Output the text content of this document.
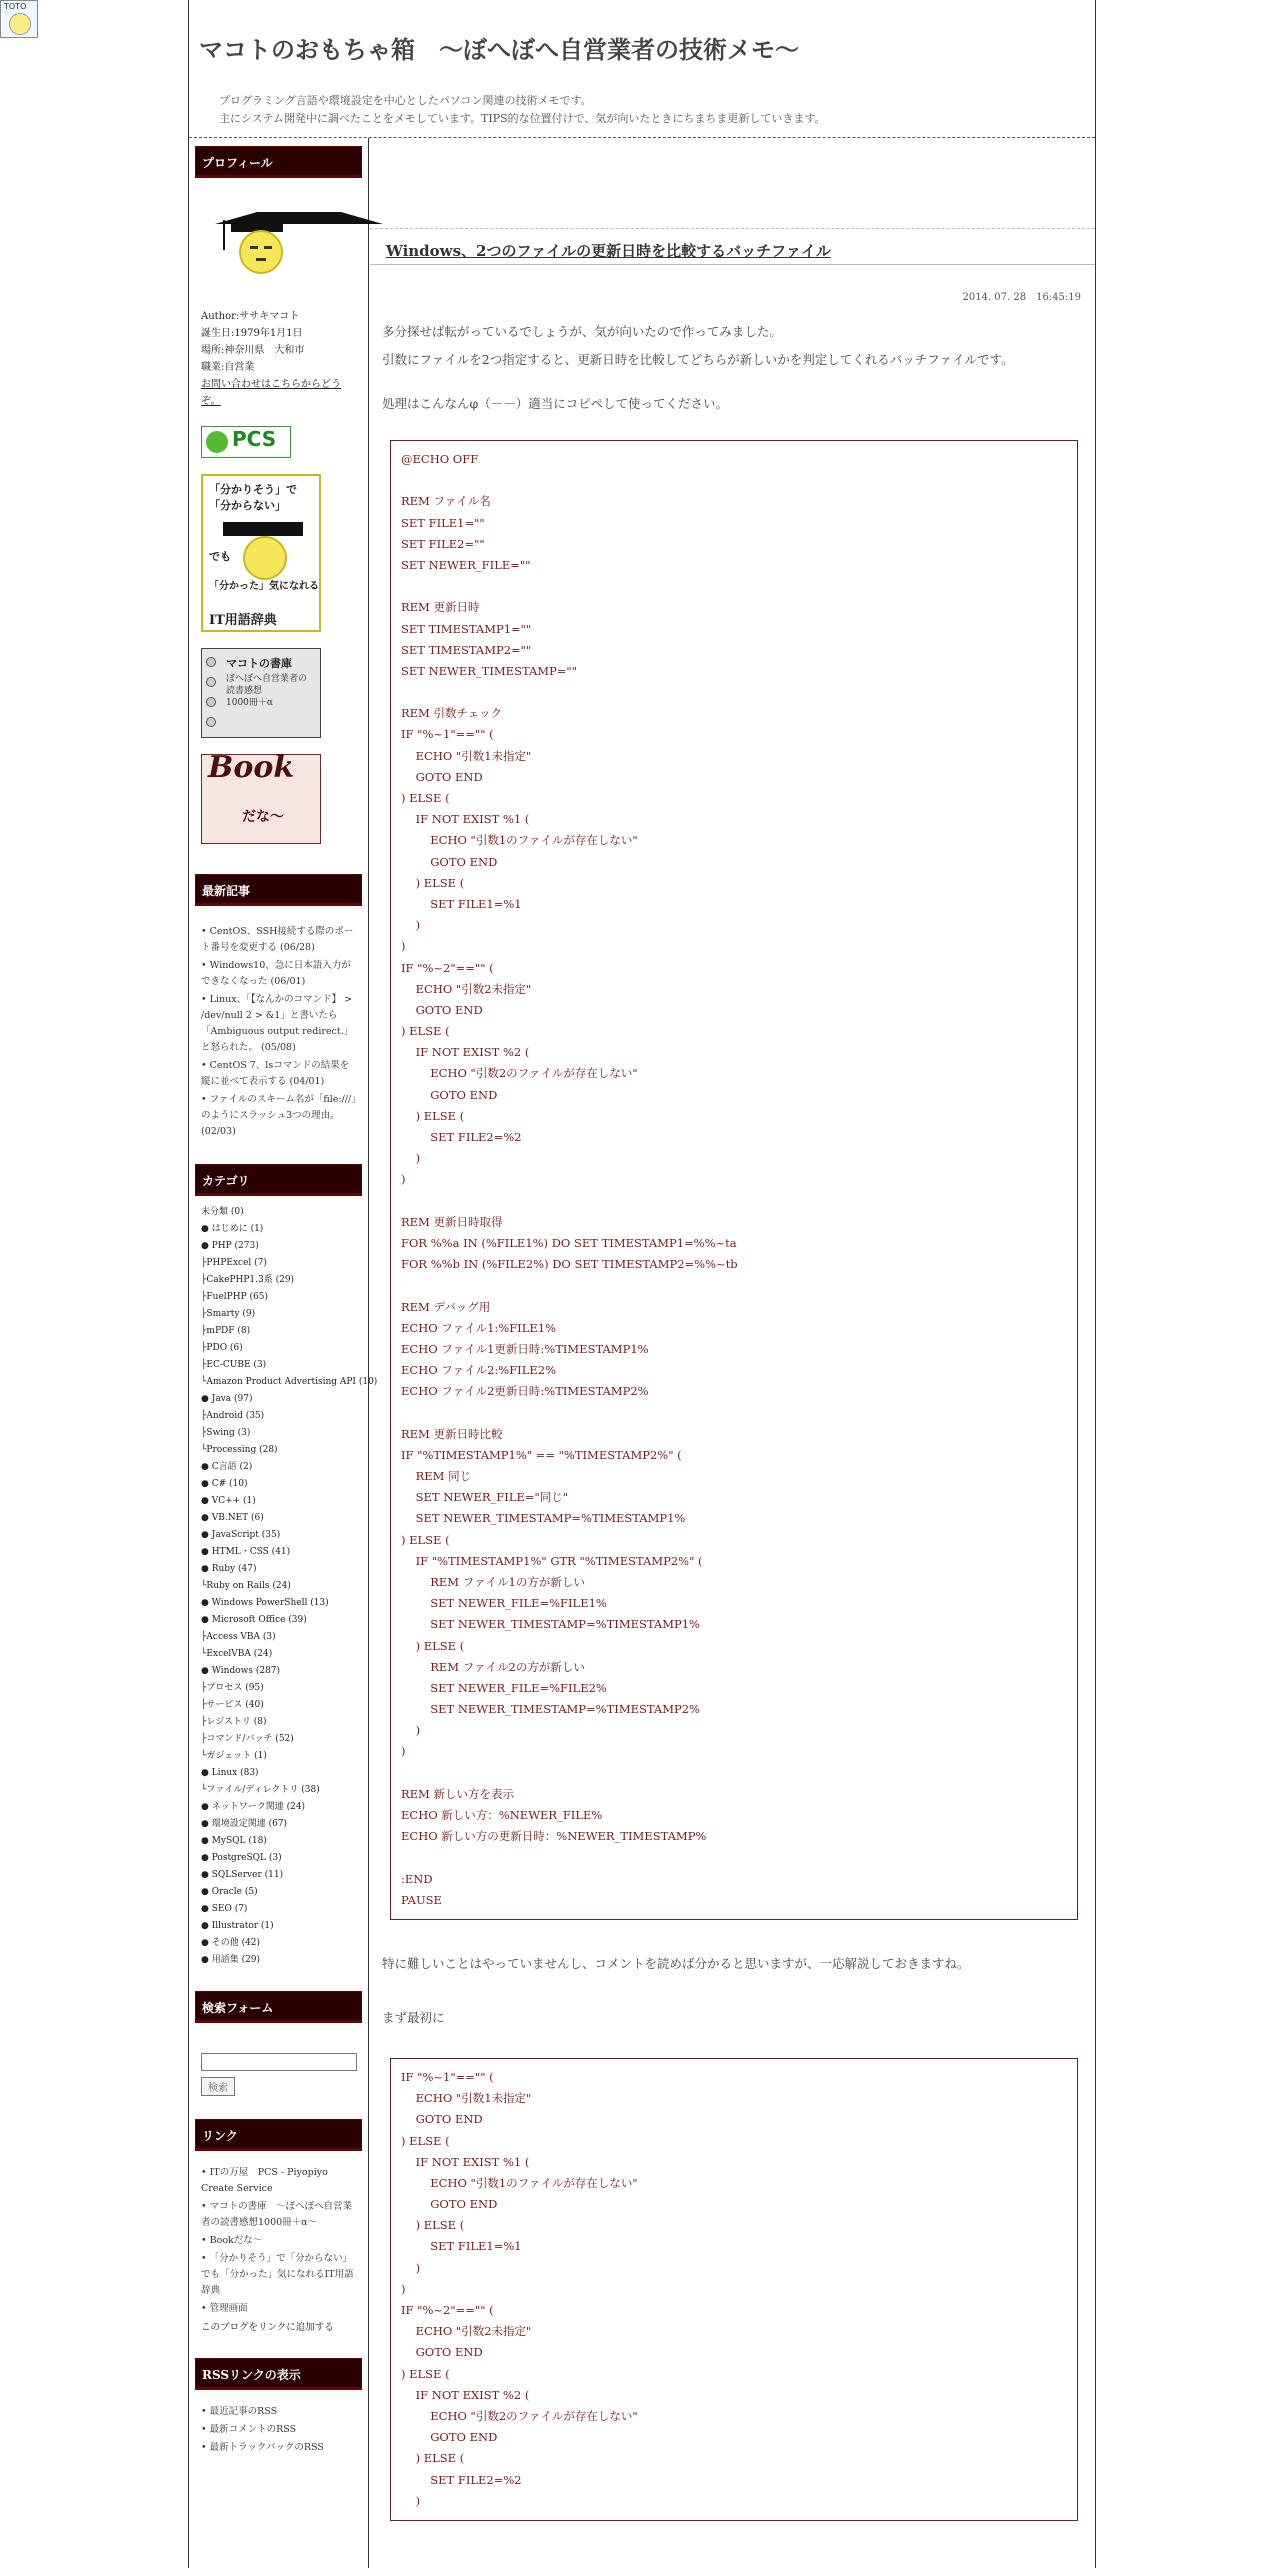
TOTO
マコトのおもちゃ箱　～ぼへぼへ自営業者の技術メモ～
プログラミング言語や環境設定を中心としたパソコン関連の技術メモです。
主にシステム開発中に調べたことをメモしています。TIPS的な位置付けで、気が向いたときにちまちま更新していきます。
プロフィール
Author:ササキマコト
誕生日:1979年1月1日
場所:神奈川県　大和市
職業:自営業
お問い合わせはこちらからどうぞ。
PCS
「分かりそう」で
「分からない」
でも
「分かった」気になれる
IT用語辞典
マコトの書庫
ぼへぼへ自営業者の
読書感想
1000冊＋α
Book
だな～
最新記事
• CentOS、SSH接続する際のポート番号を変更する (06/28)
• Windows10、急に日本語入力ができなくなった (06/01)
• Linux、「【なんかのコマンド】 > /dev/null 2 > &1」と書いたら「Ambiguous output redirect.」と怒られた。 (05/08)
• CentOS 7、lsコマンドの結果を縦に並べて表示する (04/01)
• ファイルのスキーム名が「file:///」のようにスラッシュ3つの理由。 (02/03)
カテゴリ
未分類 (0)
● はじめに (1)
● PHP (273)
├PHPExcel (7)
├CakePHP1.3系 (29)
├FuelPHP (65)
├Smarty (9)
├mPDF (8)
├PDO (6)
├EC-CUBE (3)
└Amazon Product Advertising API (10)
● Java (97)
├Android (35)
├Swing (3)
└Processing (28)
● C言語 (2)
● C# (10)
● VC++ (1)
● VB.NET (6)
● JavaScript (35)
● HTML・CSS (41)
● Ruby (47)
└Ruby on Rails (24)
● Windows PowerShell (13)
● Microsoft Office (39)
├Access VBA (3)
└ExcelVBA (24)
● Windows (287)
├プロセス (95)
├サービス (40)
├レジストリ (8)
├コマンド/バッチ (52)
└ガジェット (1)
● Linux (83)
└ファイル/ディレクトリ (38)
● ネットワーク関連 (24)
● 環境設定関連 (67)
● MySQL (18)
● PostgreSQL (3)
● SQLServer (11)
● Oracle (5)
● SEO (7)
● Illustrator (1)
● その他 (42)
● 用語集 (29)
検索フォーム
検索
リンク
• ITの万屋　PCS - Piyopiyo Create Service
• マコトの書庫　～ぼへぼへ自営業者の読書感想1000冊＋α～
• Bookだな～
• 「分かりそう」で「分からない」でも「分かった」気になれるIT用語辞典
• 管理画面
このブログをリンクに追加する
RSSリンクの表示
• 最近記事のRSS
• 最新コメントのRSS
• 最新トラックバックのRSS
Windows、2つのファイルの更新日時を比較するバッチファイル
2014. 07. 28　16:45:19

多分探せば転がっているでしょうが、気が向いたので作ってみました。

引数にファイルを2つ指定すると、更新日時を比較してどちらが新しいかを判定してくれるバッチファイルです。

処理はこんなんφ（－－）適当にコピペして使ってください。

@ECHO OFF
REM ファイル名
SET FILE1=""
SET FILE2=""
SET NEWER_FILE=""
REM 更新日時
SET TIMESTAMP1=""
SET TIMESTAMP2=""
SET NEWER_TIMESTAMP=""
REM 引数チェック
IF "%~1"=="" (
ECHO "引数1未指定"
GOTO END
) ELSE (
IF NOT EXIST %1 (
ECHO "引数1のファイルが存在しない"
GOTO END
) ELSE (
SET FILE1=%1
)
)
IF "%~2"=="" (
ECHO "引数2未指定"
GOTO END
) ELSE (
IF NOT EXIST %2 (
ECHO "引数2のファイルが存在しない"
GOTO END
) ELSE (
SET FILE2=%2
)
)
REM 更新日時取得
FOR %%a IN (%FILE1%) DO SET TIMESTAMP1=%%~ta
FOR %%b IN (%FILE2%) DO SET TIMESTAMP2=%%~tb
REM デバッグ用
ECHO ファイル1:%FILE1%
ECHO ファイル1更新日時:%TIMESTAMP1%
ECHO ファイル2:%FILE2%
ECHO ファイル2更新日時:%TIMESTAMP2%
REM 更新日時比較
IF "%TIMESTAMP1%" == "%TIMESTAMP2%" (
REM 同じ
SET NEWER_FILE="同じ"
SET NEWER_TIMESTAMP=%TIMESTAMP1%
) ELSE (
IF "%TIMESTAMP1%" GTR "%TIMESTAMP2%" (
REM ファイル1の方が新しい
SET NEWER_FILE=%FILE1%
SET NEWER_TIMESTAMP=%TIMESTAMP1%
) ELSE (
REM ファイル2の方が新しい
SET NEWER_FILE=%FILE2%
SET NEWER_TIMESTAMP=%TIMESTAMP2%
)
)
REM 新しい方を表示
ECHO 新しい方：%NEWER_FILE%
ECHO 新しい方の更新日時：%NEWER_TIMESTAMP%
:END
PAUSE

特に難しいことはやっていませんし、コメントを読めば分かると思いますが、一応解説しておきますね。

まず最初に

IF "%~1"=="" (
ECHO "引数1未指定"
GOTO END
) ELSE (
IF NOT EXIST %1 (
ECHO "引数1のファイルが存在しない"
GOTO END
) ELSE (
SET FILE1=%1
)
)
IF "%~2"=="" (
ECHO "引数2未指定"
GOTO END
) ELSE (
IF NOT EXIST %2 (
ECHO "引数2のファイルが存在しない"
GOTO END
) ELSE (
SET FILE2=%2
)
